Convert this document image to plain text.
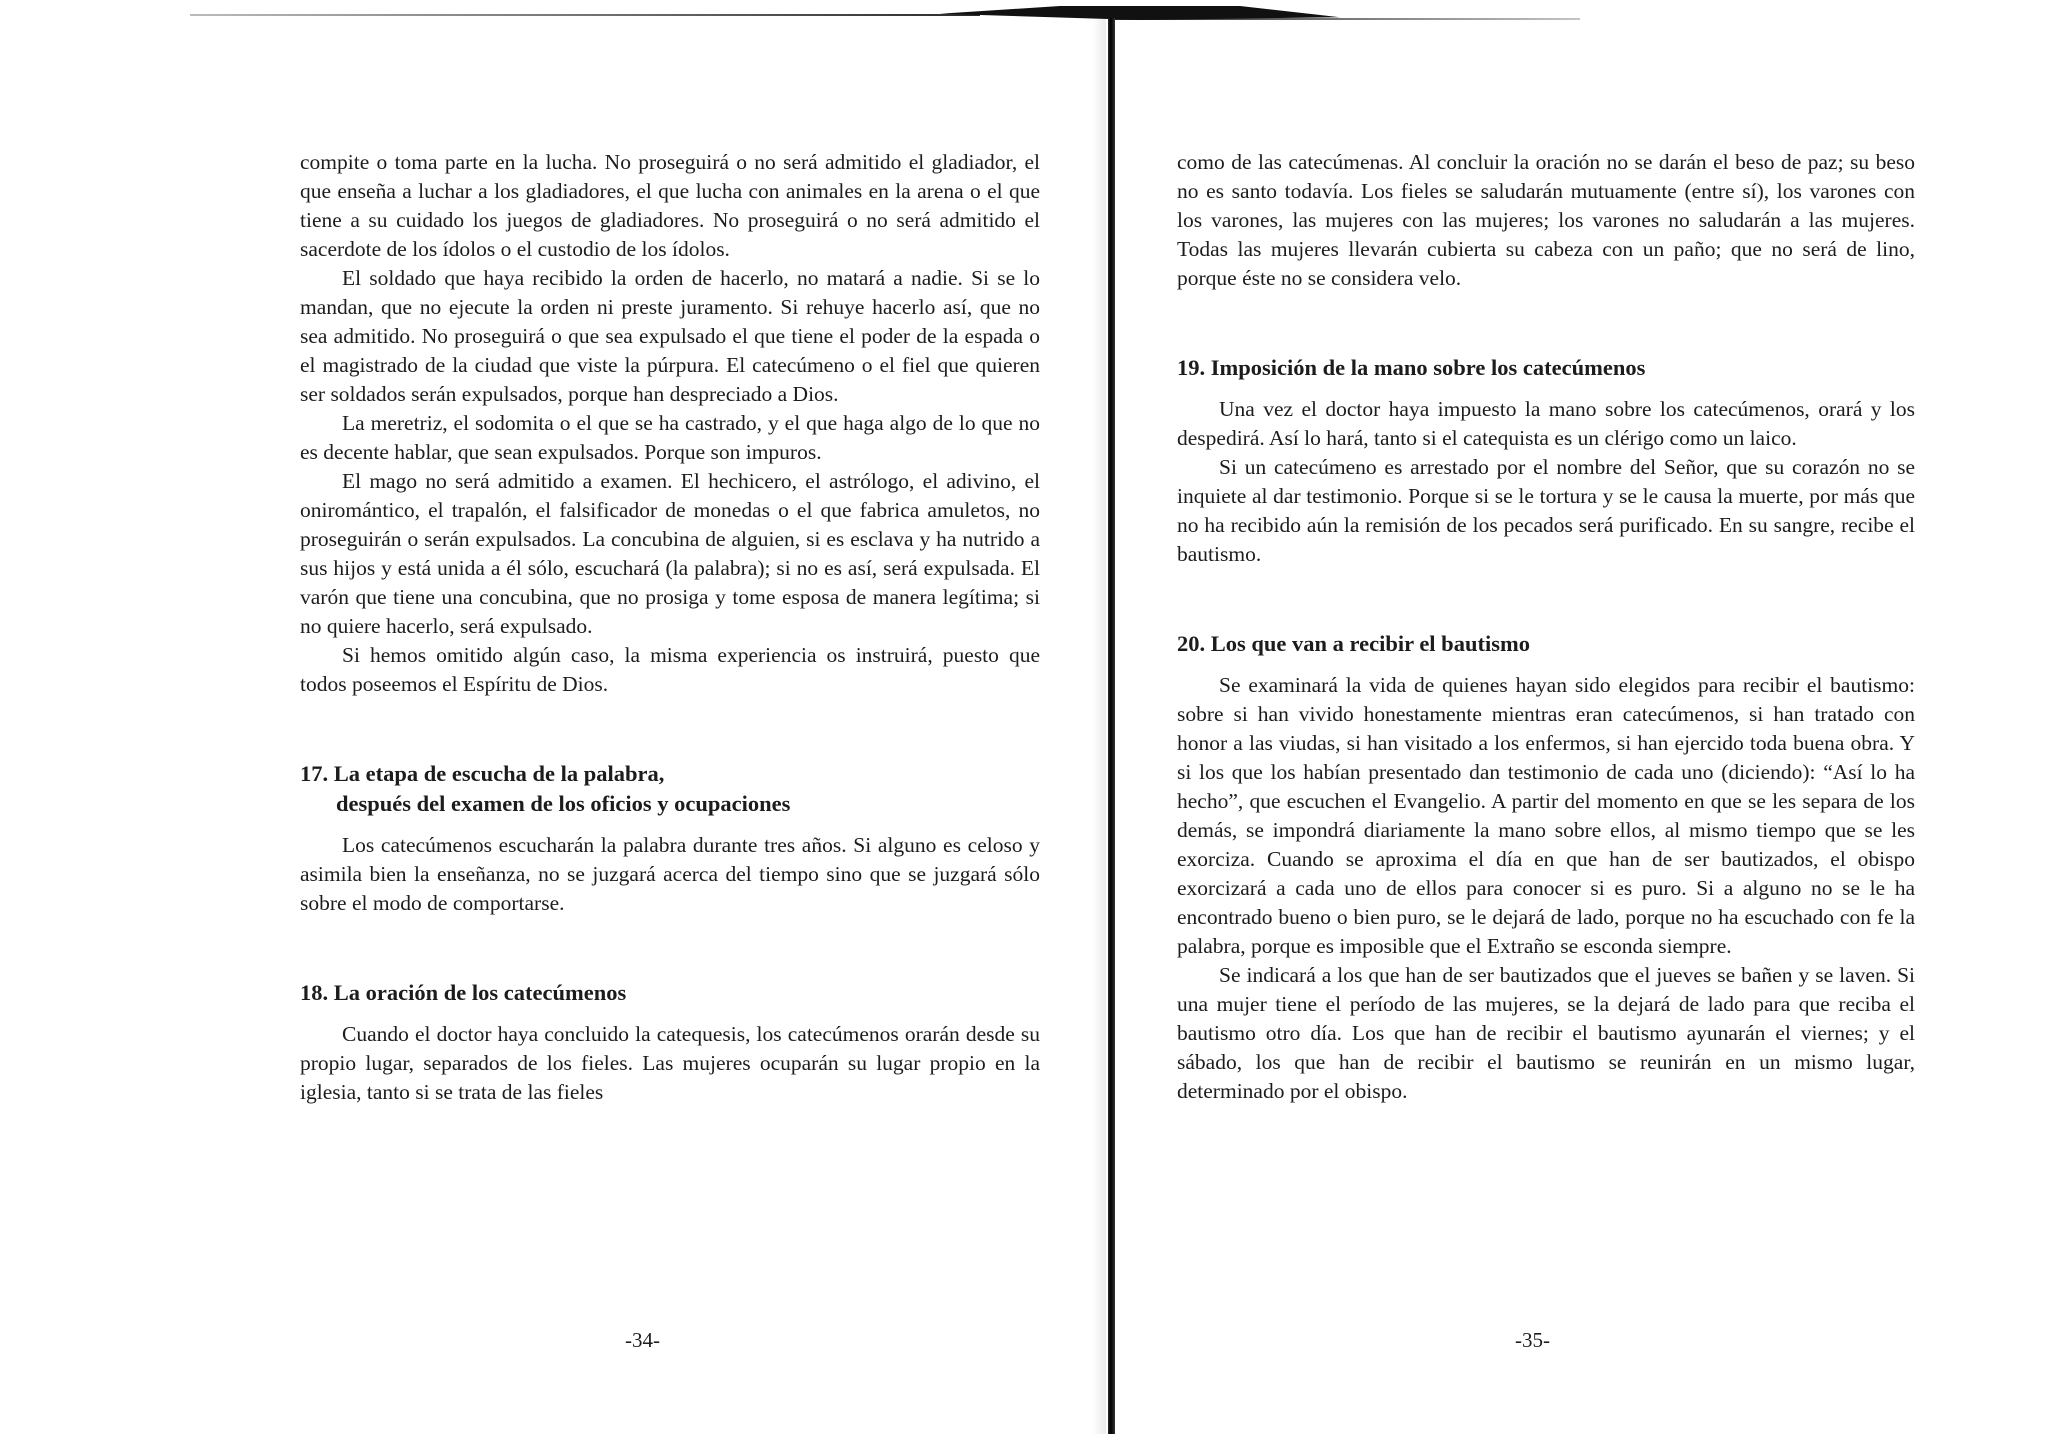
compite o toma parte en la lucha. No proseguirá o no será admitido el gladiador, el que enseña a luchar a los gladiadores, el que lucha con animales en la arena o el que tiene a su cuidado los juegos de gladiadores. No proseguirá o no será admitido el sacerdote de los ídolos o el custodio de los ídolos.

El soldado que haya recibido la orden de hacerlo, no matará a nadie. Si se lo mandan, que no ejecute la orden ni preste juramento. Si rehuye hacerlo así, que no sea admitido. No proseguirá o que sea expulsado el que tiene el poder de la espada o el magistrado de la ciudad que viste la púrpura. El catecúmeno o el fiel que quieren ser soldados serán expulsados, porque han despreciado a Dios.

La meretriz, el sodomita o el que se ha castrado, y el que haga algo de lo que no es decente hablar, que sean expulsados. Porque son impuros.

El mago no será admitido a examen. El hechicero, el astrólogo, el adivino, el oniromántico, el trapalón, el falsificador de monedas o el que fabrica amuletos, no proseguirán o serán expulsados. La concubina de alguien, si es esclava y ha nutrido a sus hijos y está unida a él sólo, escuchará (la palabra); si no es así, será expulsada. El varón que tiene una concubina, que no prosiga y tome esposa de manera legítima; si no quiere hacerlo, será expulsado.

Si hemos omitido algún caso, la misma experiencia os instruirá, puesto que todos poseemos el Espíritu de Dios.

17. La etapa de escucha de la palabra,
después del examen de los oficios y ocupaciones

Los catecúmenos escucharán la palabra durante tres años. Si alguno es celoso y asimila bien la enseñanza, no se juzgará acerca del tiempo sino que se juzgará sólo sobre el modo de comportarse.

18. La oración de los catecúmenos

Cuando el doctor haya concluido la catequesis, los catecúmenos orarán desde su propio lugar, separados de los fieles. Las mujeres ocuparán su lugar propio en la iglesia, tanto si se trata de las fieles

-34-

como de las catecúmenas. Al concluir la oración no se darán el beso de paz; su beso no es santo todavía. Los fieles se saludarán mutuamente (entre sí), los varones con los varones, las mujeres con las mujeres; los varones no saludarán a las mujeres. Todas las mujeres llevarán cubierta su cabeza con un paño; que no será de lino, porque éste no se considera velo.

19. Imposición de la mano sobre los catecúmenos

Una vez el doctor haya impuesto la mano sobre los catecúmenos, orará y los despedirá. Así lo hará, tanto si el catequista es un clérigo como un laico.

Si un catecúmeno es arrestado por el nombre del Señor, que su corazón no se inquiete al dar testimonio. Porque si se le tortura y se le causa la muerte, por más que no ha recibido aún la remisión de los pecados será purificado. En su sangre, recibe el bautismo.

20. Los que van a recibir el bautismo

Se examinará la vida de quienes hayan sido elegidos para recibir el bautismo: sobre si han vivido honestamente mientras eran catecúmenos, si han tratado con honor a las viudas, si han visitado a los enfermos, si han ejercido toda buena obra. Y si los que los habían presentado dan testimonio de cada uno (diciendo): “Así lo ha hecho”, que escuchen el Evangelio. A partir del momento en que se les separa de los demás, se impondrá diariamente la mano sobre ellos, al mismo tiempo que se les exorciza. Cuando se aproxima el día en que han de ser bautizados, el obispo exorcizará a cada uno de ellos para conocer si es puro. Si a alguno no se le ha encontrado bueno o bien puro, se le dejará de lado, porque no ha escuchado con fe la palabra, porque es imposible que el Extraño se esconda siempre.

Se indicará a los que han de ser bautizados que el jueves se bañen y se laven. Si una mujer tiene el período de las mujeres, se la dejará de lado para que reciba el bautismo otro día. Los que han de recibir el bautismo ayunarán el viernes; y el sábado, los que han de recibir el bautismo se reunirán en un mismo lugar, determinado por el obispo.

-35-
